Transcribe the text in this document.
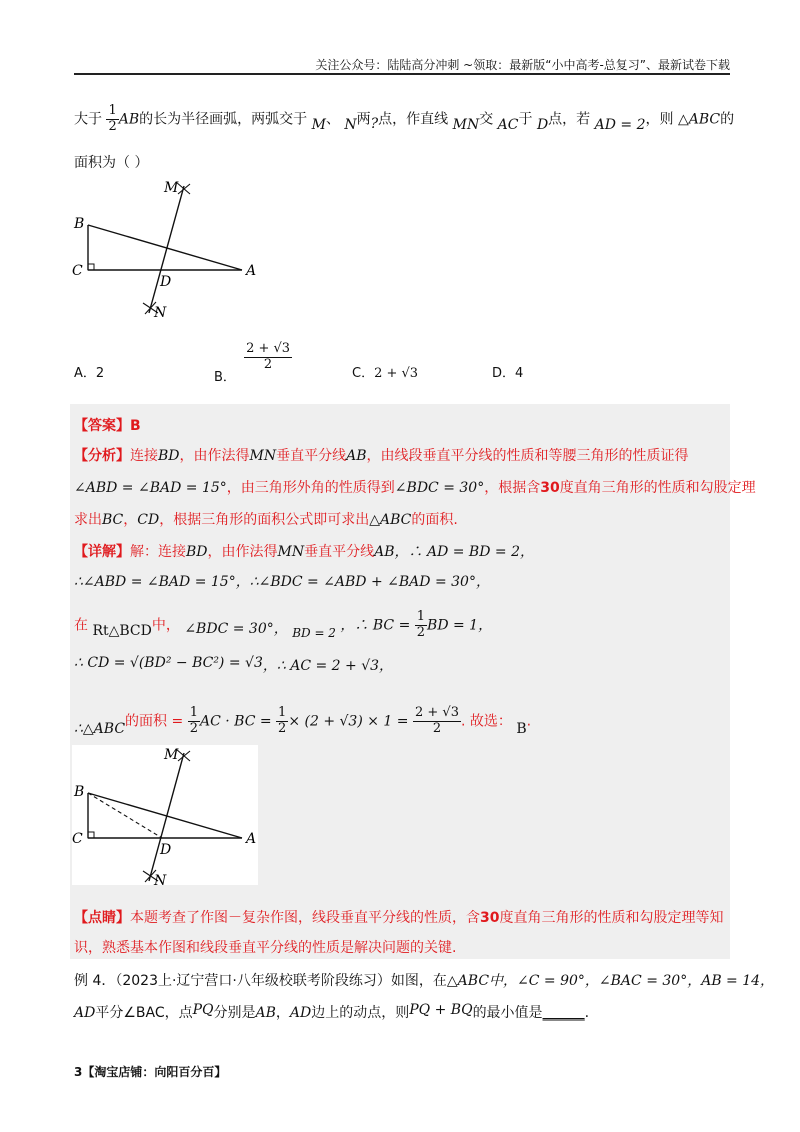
关注公众号：陆陆高分冲刺 ~领取：最新版“小中高考-总复习”、最新试卷下载
大于 $\frac{1}{2}$ AB的长为半径画弧，两弧交于 M、 N两?点，作直线 MN交 AC于 D点，若 AD = 2，则 △ABC的
面积为（ ）
M
B
C
D
A
N
A．2	B．
$\frac{2 + √3}{2}$
C．2 + √3	D．4
【答案】B
【分析】连接BD，由作法得MN垂直平分线AB，由线段垂直平分线的性质和等腰三角形的性质证得
∠ABD = ∠BAD = 15°，由三角形外角的性质得到∠BDC = 30°，根据含30度直角三角形的性质和勾股定理
求出BC，CD，根据三角形的面积公式即可求出△ABC的面积.
【详解】解：连接BD，由作法得MN垂直平分线AB，∴ AD = BD = 2，
∴∠ABD = ∠BAD = 15°，∴∠BDC = ∠ABD + ∠BAD = 30°，
在 Rt△BCD中， ∠BDC = 30°， BD = 2 ，∴ BC = $\frac{1}{2}$ BD = 1，
∴ CD = √(BD² − BC²) = √3，∴ AC = 2 + √3，
∴△ABC的面积 = $\frac{1}{2}$ AC · BC = $\frac{1}{2} \times (2 + √3) \times 1 = \frac{2 + √3}{2}$ . 故选： B.
M
B
C
D
A
N
【点睛】本题考查了作图－复杂作图，线段垂直平分线的性质，含30度直角三角形的性质和勾股定理等知
识，熟悉基本作图和线段垂直平分线的性质是解决问题的关键.
例 4．（2023上·辽宁营口·八年级校联考阶段练习）如图，在△ABC中，∠C = 90°，∠BAC = 30°，AB = 14，
AD平分∠BAC，点PQ分别是AB，AD边上的动点，则PQ + BQ的最小值是______.
3【淘宝店铺：向阳百分百】
